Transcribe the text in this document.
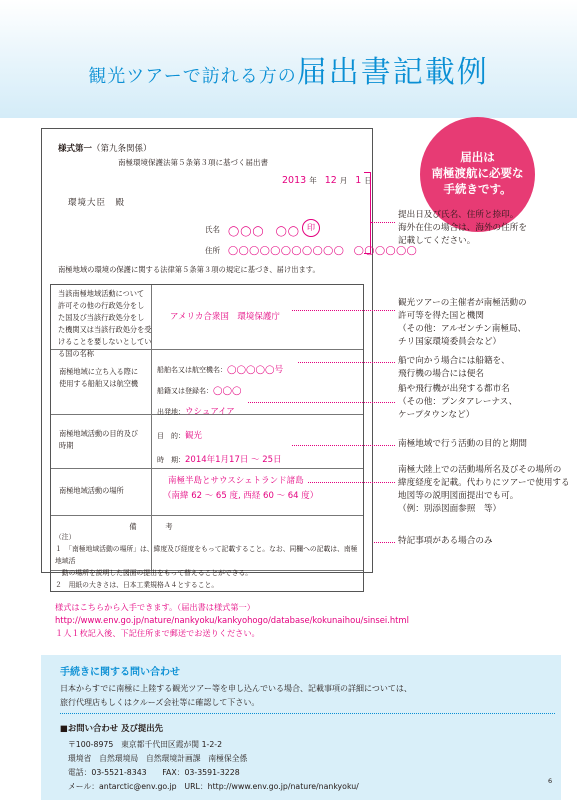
観光ツアーで訪れる方の届出書記載例
様式第一（第九条関係）
南極環境保護法第５条第３項に基づく届出書
2013 年 12 月 1 日
環境大臣　殿
氏名 ◯◯◯　◯◯ 印
住所 ◯◯◯◯◯◯◯◯◯◯◯　◯◯◯◯◯◯
南極地域の環境の保護に関する法律第５条第３項の規定に基づき、届け出ます。
当該南極地域活動について
許可その他の行政処分をし
た国及び当該行政処分をし
た機関又は当該行政処分を受
けることを要しないとしてい
る国の名称
アメリカ合衆国　環境保護庁
南極地域に立ち入る際に
使用する船舶又は航空機
船舶名又は航空機名：◯◯◯◯◯号
船籍又は登録名：◯◯◯
出発地：ウシュアイア
南極地域活動の目的及び
時期
目　的：観光
時　期：2014年1月17日 ～ 25日
南極地域活動の場所
南極半島とサウスシェトランド諸島
（南緯 62 ～ 65 度, 西経 60 ～ 64 度）
備　　　　考
（注）
１　「南極地域活動の場所」は、緯度及び経度をもって記載すること。なお、同欄への記載は、南極地域活
　動の場所を説明した図面の提出をもって替えることができる。
２　用紙の大きさは、日本工業規格Ａ４とすること。
届出は
南極渡航に必要な
手続きです。
提出日及び氏名、住所と捺印。
海外在住の場合は、海外の住所を
記載してください。
観光ツアーの主催者が南極活動の
許可等を得た国と機関
（その他：アルゼンチン南極局、
チリ国家環境委員会など）
船で向かう場合には船籍を、
飛行機の場合には便名
船や飛行機が出発する都市名
（その他：プンタアレーナス、
ケープタウンなど）
南極地域で行う活動の目的と期間
南極大陸上での活動場所名及びその場所の
緯度経度を記載。代わりにツアーで使用する
地図等の説明図面提出でも可。
（例：別添図面参照　等）
特記事項がある場合のみ
様式はこちらから入手できます。（届出書は様式第一）
http://www.env.go.jp/nature/nankyoku/kankyohogo/database/kokunaihou/sinsei.html
１人１枚記入後、下記住所まで郵送でお送りください。
手続きに関する問い合わせ
日本からすでに南極に上陸する観光ツアー等を申し込んでいる場合、記載事項の詳細については、
旅行代理店もしくはクルーズ会社等に確認して下さい。
■お問い合わせ 及び提出先
〒100-8975　東京都千代田区霞が関 1-2-2
環境省　自然環境局　自然環境計画課　南極保全係
電話：03-5521-8343　　FAX：03-3591-3228
メール：antarctic@env.go.jp　URL：http://www.env.go.jp/nature/nankyoku/
6
